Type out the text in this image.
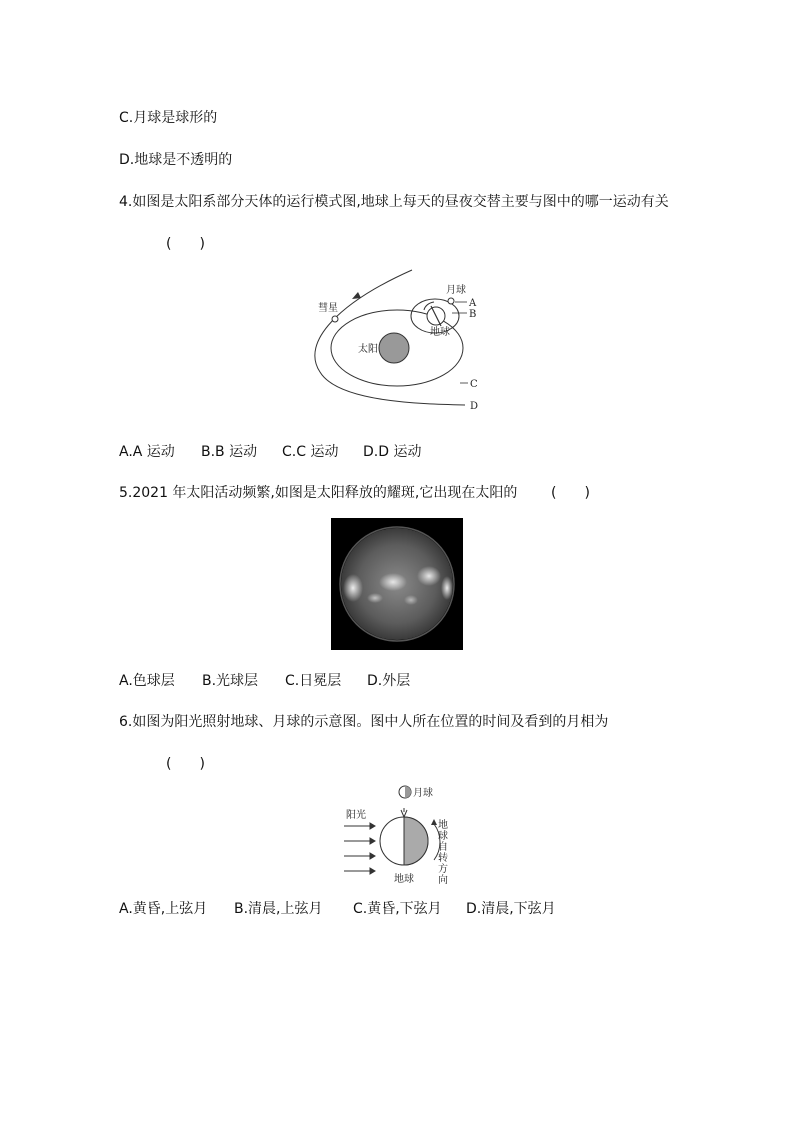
C.月球是球形的
D.地球是不透明的
4.如图是太阳系部分天体的运行模式图,地球上每天的昼夜交替主要与图中的哪一运动有关
(　　)
彗星
月球
地球
太阳
A
B
C
D
A.A 运动 B.B 运动 C.C 运动 D.D 运动
5.2021 年太阳活动频繁,如图是太阳释放的耀斑,它出现在太阳的 (　　)
A.色球层 B.光球层 C.日冕层 D.外层
6.如图为阳光照射地球、月球的示意图。图中人所在位置的时间及看到的月相为
(　　)
月球
阳光
地球
地
球
自
转
方
向
A.黄昏,上弦月 B.清晨,上弦月 C.黄昏,下弦月 D.清晨,下弦月
